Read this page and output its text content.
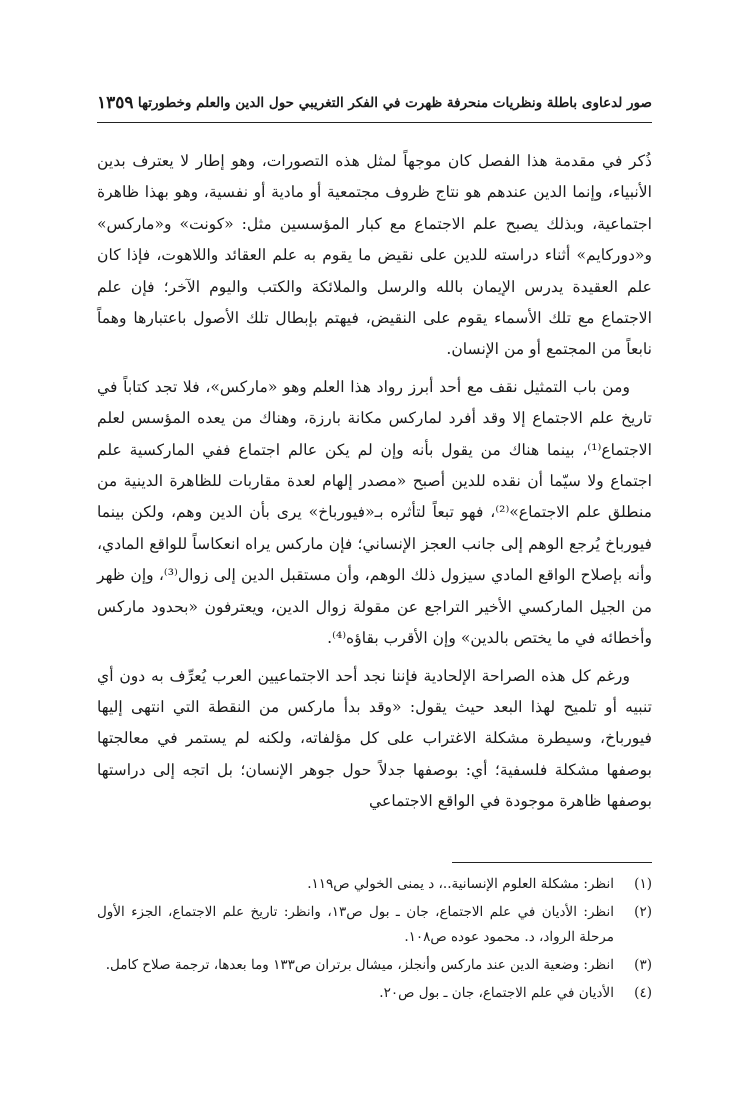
صور لدعاوى باطلة ونظريات منحرفة ظهرت في الفكر التغريبي حول الدين والعلم وخطورتها
١٣٥٩

ذُكر في مقدمة هذا الفصل كان موجهاً لمثل هذه التصورات، وهو إطار لا يعترف بدين الأنبياء، وإنما الدين عندهم هو نتاج ظروف مجتمعية أو مادية أو نفسية، وهو بهذا ظاهرة اجتماعية، وبذلك يصبح علم الاجتماع مع كبار المؤسسين مثل: «كونت» و«ماركس» و«دوركايم» أثناء دراسته للدين على نقيض ما يقوم به علم العقائد واللاهوت، فإذا كان علم العقيدة يدرس الإيمان بالله والرسل والملائكة والكتب واليوم الآخر؛ فإن علم الاجتماع مع تلك الأسماء يقوم على النقيض، فيهتم بإبطال تلك الأصول باعتبارها وهماً نابعاً من المجتمع أو من الإنسان.

ومن باب التمثيل نقف مع أحد أبرز رواد هذا العلم وهو «ماركس»، فلا تجد كتاباً في تاريخ علم الاجتماع إلا وقد أفرد لماركس مكانة بارزة، وهناك من يعده المؤسس لعلم الاجتماع⁽¹⁾، بينما هناك من يقول بأنه وإن لم يكن عالم اجتماع ففي الماركسية علم اجتماع ولا سيّما أن نقده للدين أصبح «مصدر إلهام لعدة مقاربات للظاهرة الدينية من منطلق علم الاجتماع»⁽²⁾، فهو تبعاً لتأثره بـ«فيورباخ» يرى بأن الدين وهم، ولكن بينما فيورباخ يُرجع الوهم إلى جانب العجز الإنساني؛ فإن ماركس يراه انعكاساً للواقع المادي، وأنه بإصلاح الواقع المادي سيزول ذلك الوهم، وأن مستقبل الدين إلى زوال⁽³⁾، وإن ظهر من الجيل الماركسي الأخير التراجع عن مقولة زوال الدين، ويعترفون «بحدود ماركس وأخطائه في ما يختص بالدين» وإن الأقرب بقاؤه⁽⁴⁾.

ورغم كل هذه الصراحة الإلحادية فإننا نجد أحد الاجتماعيين العرب يُعرِّف به دون أي تنبيه أو تلميح لهذا البعد حيث يقول: «وقد بدأ ماركس من النقطة التي انتهى إليها فيورباخ، وسيطرة مشكلة الاغتراب على كل مؤلفاته، ولكنه لم يستمر في معالجتها بوصفها مشكلة فلسفية؛ أي: بوصفها جدلاً حول جوهر الإنسان؛ بل اتجه إلى دراستها بوصفها ظاهرة موجودة في الواقع الاجتماعي

(١)
انظر: مشكلة العلوم الإنسانية..، د يمنى الخولي ص١١٩.
(٢)
انظر: الأديان في علم الاجتماع، جان ـ بول ص١٣، وانظر: تاريخ علم الاجتماع، الجزء الأول مرحلة الرواد، د. محمود عوده ص١٠٨.
(٣)
انظر: وضعية الدين عند ماركس وأنجلز، ميشال برتران ص١٣٣ وما بعدها، ترجمة صلاح كامل.
(٤)
الأديان في علم الاجتماع، جان ـ بول ص٢٠.
